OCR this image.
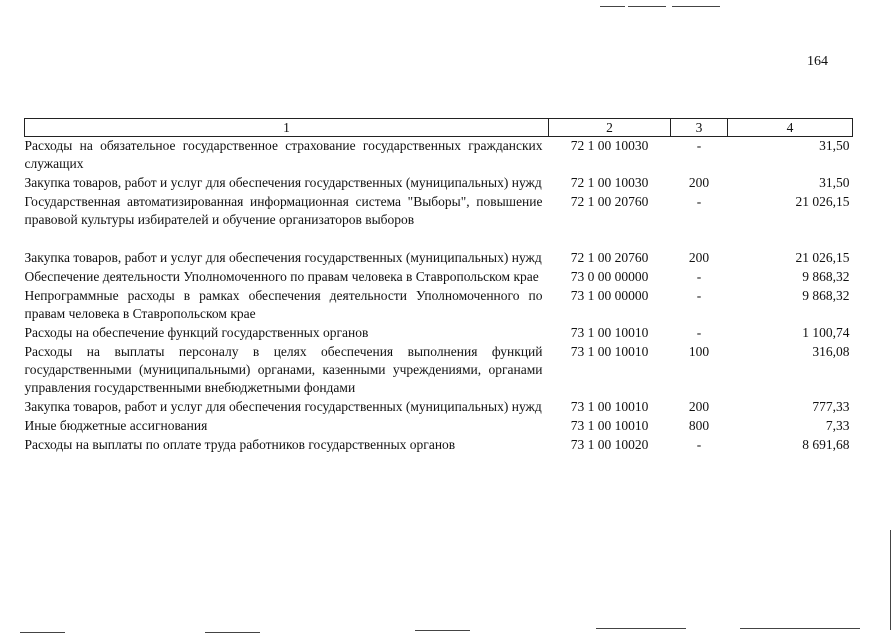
164
1	2	3	4
Расходы на обязательное государственное страхование государственных гражданских служащих	72 1 00 10030	-	31,50
Закупка товаров, работ и услуг для обеспечения государственных (муниципальных) нужд	72 1 00 10030	200	31,50
Государственная автоматизированная информационная система "Выборы", повышение правовой культуры избирателей и обучение организаторов выборов	72 1 00 20760	-	21 026,15
Закупка товаров, работ и услуг для обеспечения государственных (муниципальных) нужд	72 1 00 20760	200	21 026,15
Обеспечение деятельности Уполномоченного по правам человека в Ставропольском крае	73 0 00 00000	-	9 868,32
Непрограммные расходы в рамках обеспечения деятельности Уполномоченного по правам человека в Ставропольском крае	73 1 00 00000	-	9 868,32
Расходы на обеспечение функций государственных органов	73 1 00 10010	-	1 100,74
Расходы на выплаты персоналу в целях обеспечения выполнения функций государственными (муниципальными) органами, казенными учреждениями, органами управления государственными внебюджетными фондами	73 1 00 10010	100	316,08
Закупка товаров, работ и услуг для обеспечения государственных (муниципальных) нужд	73 1 00 10010	200	777,33
Иные бюджетные ассигнования	73 1 00 10010	800	7,33
Расходы на выплаты по оплате труда работников государственных органов	73 1 00 10020	-	8 691,68
